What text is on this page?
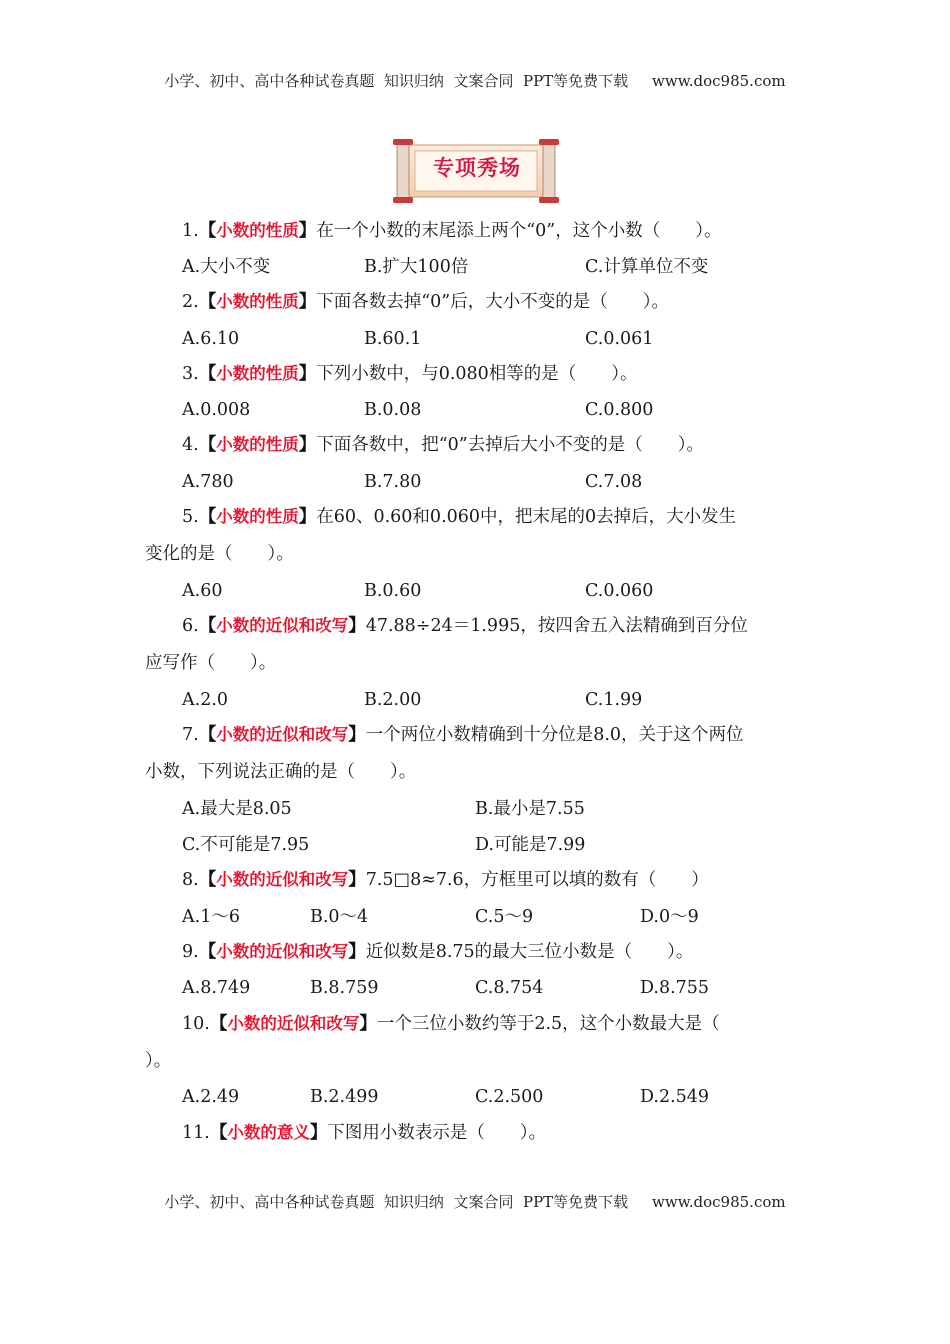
小学、初中、高中各种试卷真题  知识归纳  文案合同  PPT等免费下载     www.doc985.com
专项秀场
1.【小数的性质】在一个小数的末尾添上两个“0”，这个小数（　　）。
A.大小不变	B.扩大100倍	C.计算单位不变
2.【小数的性质】下面各数去掉“0”后，大小不变的是（　　）。
A.6.10	B.60.1	C.0.061
3.【小数的性质】下列小数中，与0.080相等的是（　　）。
A.0.008	B.0.08	C.0.800
4.【小数的性质】下面各数中，把“0”去掉后大小不变的是（　　）。
A.780	B.7.80	C.7.08
5.【小数的性质】在60、0.60和0.060中，把末尾的0去掉后，大小发生
变化的是（　　）。
A.60	B.0.60	C.0.060
6.【小数的近似和改写】47.88÷24＝1.995，按四舍五入法精确到百分位
应写作（　　）。
A.2.0	B.2.00	C.1.99
7.【小数的近似和改写】一个两位小数精确到十分位是8.0，关于这个两位
小数，下列说法正确的是（　　）。
A.最大是8.05	B.最小是7.55
C.不可能是7.95	D.可能是7.99
8.【小数的近似和改写】7.5□8≈7.6，方框里可以填的数有（　　）
A.1～6	B.0～4	C.5～9	D.0～9
9.【小数的近似和改写】近似数是8.75的最大三位小数是（　　）。
A.8.749	B.8.759	C.8.754	D.8.755
10.【小数的近似和改写】一个三位小数约等于2.5，这个小数最大是（
）。
A.2.49	B.2.499	C.2.500	D.2.549
11.【小数的意义】下图用小数表示是（　　）。
小学、初中、高中各种试卷真题  知识归纳  文案合同  PPT等免费下载     www.doc985.com
